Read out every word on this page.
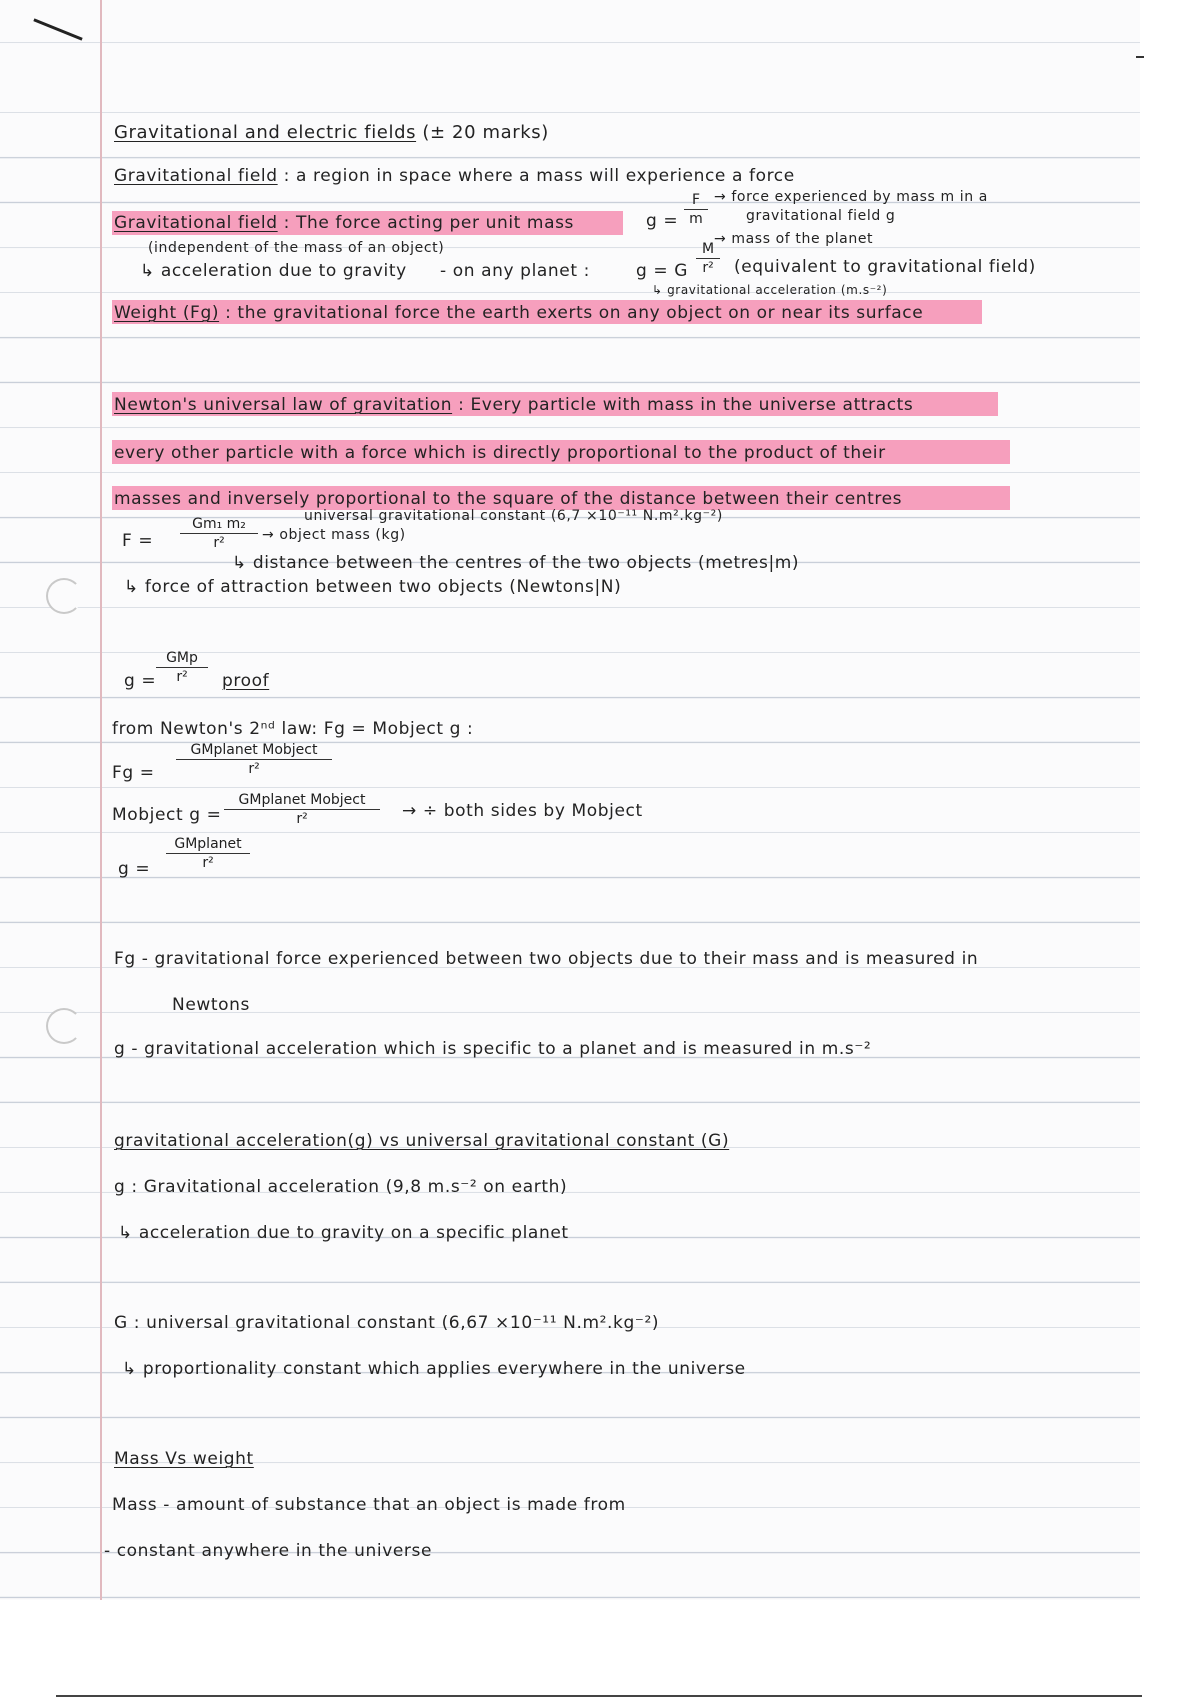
Gravitational and electric fields (± 20 marks)
Gravitational field : a region in space where a mass will experience a force
Gravitational field : The force acting per unit mass	$g = \frac{F}{m}$ → force experienced by mass m in a
gravitational field g
→ mass of the planet
(independent of the mass of an object)
↳ acceleration due to gravity - on any planet :	g = G $\frac{M}{\text{r²}}$ (equivalent to gravitational field)
↳ gravitational acceleration (m.s⁻²)
Weight (Fg) : the gravitational force the earth exerts on any object on or near its surface
Newton's universal law of gravitation : Every particle with mass in the universe attracts
every other particle with a force which is directly proportional to the product of their
masses and inversely proportional to the square of the distance between their centres
$F = \frac{\text{Gm₁ m₂}}{\text{r²}}$	universal gravitational constant (6,7 ×10⁻¹¹ N.m².kg⁻²)
→ object mass (kg)
↳ distance between the centres of the two objects (metres|m)
↳ force of attraction between two objects (Newtons|N)
g =
GMp
r²	proof
from Newton's 2ⁿᵈ law: Fg = Mobject g :
Fg =
GMplanet Mobject
r²
Mobject g =
GMplanet Mobject
r²	→ ÷ both sides by Mobject
g =
GMplanet
r²
Fg - gravitational force experienced between two objects due to their mass and is measured in
Newtons
g - gravitational acceleration which is specific to a planet and is measured in m.s⁻²
gravitational acceleration(g) vs universal gravitational constant (G)
g : Gravitational acceleration (9,8 m.s⁻² on earth)
↳ acceleration due to gravity on a specific planet
G : universal gravitational constant (6,67 ×10⁻¹¹ N.m².kg⁻²)
↳ proportionality constant which applies everywhere in the universe
Mass Vs weight
Mass - amount of substance that an object is made from
- constant anywhere in the universe
